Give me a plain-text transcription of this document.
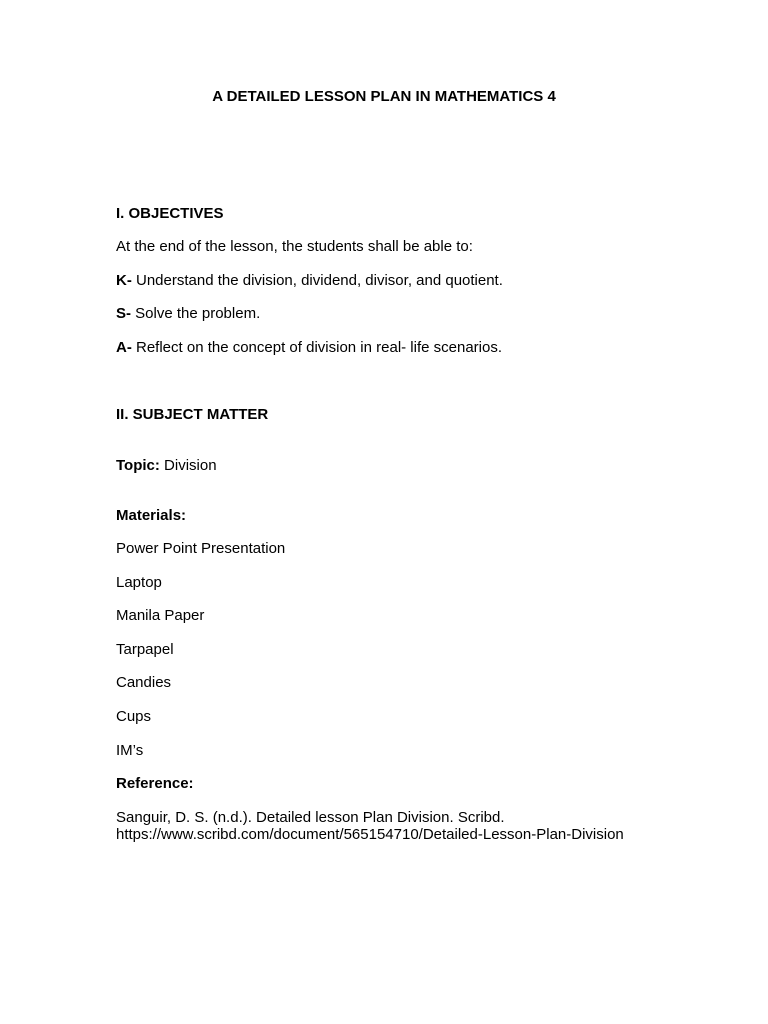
A DETAILED LESSON PLAN IN MATHEMATICS 4
I. OBJECTIVES
At the end of the lesson, the students shall be able to:
K- Understand the division, dividend, divisor, and quotient.
S- Solve the problem.
A- Reflect on the concept of division in real- life scenarios.
II. SUBJECT MATTER
Topic: Division
Materials:
Power Point Presentation
Laptop
Manila Paper
Tarpapel
Candies
Cups
IM’s
Reference:
Sanguir, D. S. (n.d.). Detailed lesson Plan Division. Scribd.
https://www.scribd.com/document/565154710/Detailed-Lesson-Plan-Division
